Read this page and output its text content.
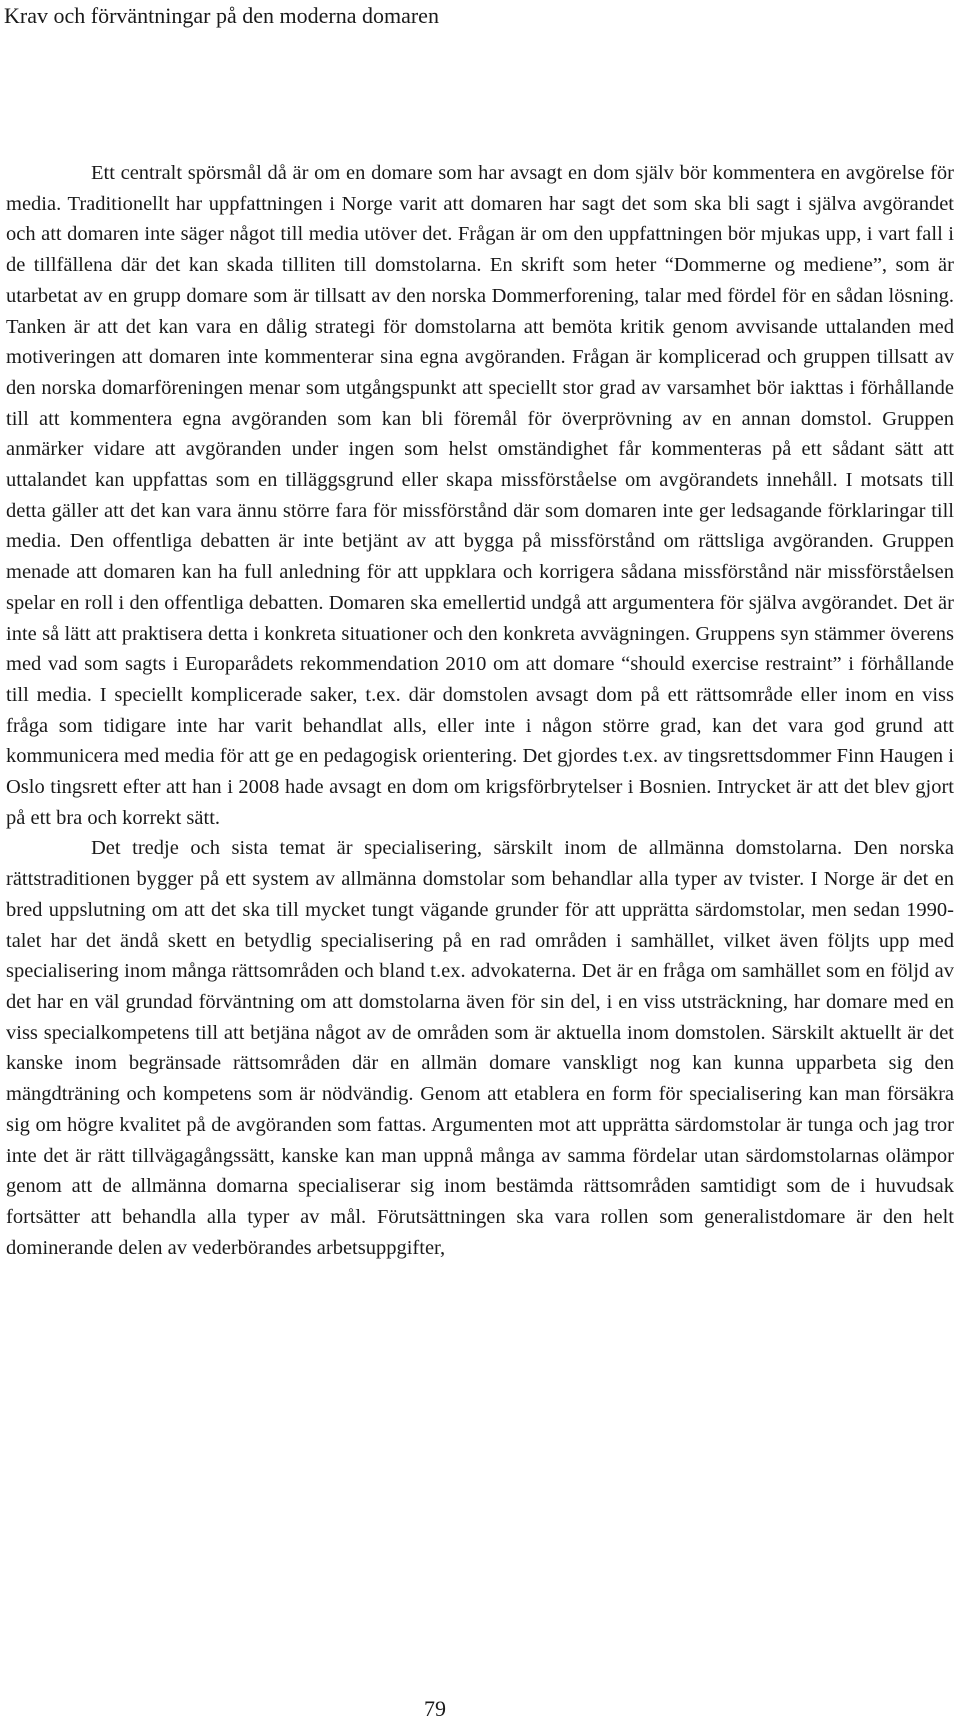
Krav och förväntningar på den moderna domaren

Ett centralt spörsmål då är om en domare som har avsagt en dom själv bör kommentera en avgörelse för media. Traditionellt har uppfattningen i Norge varit att domaren har sagt det som ska bli sagt i själva avgörandet och att domaren inte säger något till media utöver det. Frågan är om den uppfattningen bör mjukas upp, i vart fall i de tillfällena där det kan skada tilliten till domstolarna. En skrift som heter “Dommerne og mediene”, som är utarbetat av en grupp domare som är tillsatt av den norska Dommerforening, talar med fördel för en sådan lösning. Tanken är att det kan vara en dålig strategi för domstolarna att bemöta kritik genom avvisande uttalanden med motiveringen att domaren inte kommenterar sina egna avgöranden. Frågan är komplicerad och gruppen tillsatt av den norska domarföreningen menar som utgångspunkt att speciellt stor grad av varsamhet bör iakttas i förhållande till att kommentera egna avgöranden som kan bli föremål för överprövning av en annan domstol. Gruppen anmärker vidare att avgöranden under ingen som helst omständighet får kommenteras på ett sådant sätt att uttalandet kan uppfattas som en tilläggsgrund eller skapa missförståelse om avgörandets innehåll. I motsats till detta gäller att det kan vara ännu större fara för missförstånd där som domaren inte ger ledsagande förklaringar till media. Den offentliga debatten är inte betjänt av att bygga på missförstånd om rättsliga avgöranden. Gruppen menade att domaren kan ha full anledning för att uppklara och korrigera sådana missförstånd när missförståelsen spelar en roll i den offentliga debatten. Domaren ska emellertid undgå att argumentera för själva avgörandet. Det är inte så lätt att praktisera detta i konkreta situationer och den konkreta avvägningen. Gruppens syn stämmer överens med vad som sagts i Europarådets rekommendation 2010 om att domare “should exercise restraint” i förhållande till media. I speciellt komplicerade saker, t.ex. där domstolen avsagt dom på ett rättsområde eller inom en viss fråga som tidigare inte har varit behandlat alls, eller inte i någon större grad, kan det vara god grund att kommunicera med media för att ge en pedagogisk orientering. Det gjordes t.ex. av tingsrettsdommer Finn Haugen i Oslo tingsrett efter att han i 2008 hade avsagt en dom om krigsförbrytelser i Bosnien. Intrycket är att det blev gjort på ett bra och korrekt sätt.

Det tredje och sista temat är specialisering, särskilt inom de allmänna domstolarna. Den norska rättstraditionen bygger på ett system av allmänna domstolar som behandlar alla typer av tvister. I Norge är det en bred uppslutning om att det ska till mycket tungt vägande grunder för att upprätta särdomstolar, men sedan 1990-talet har det ändå skett en betydlig specialisering på en rad områden i samhället, vilket även följts upp med specialisering inom många rättsområden och bland t.ex. advokaterna. Det är en fråga om samhället som en följd av det har en väl grundad förväntning om att domstolarna även för sin del, i en viss utsträckning, har domare med en viss specialkompetens till att betjäna något av de områden som är aktuella inom domstolen. Särskilt aktuellt är det kanske inom begränsade rättsområden där en allmän domare vanskligt nog kan kunna upparbeta sig den mängdträning och kompetens som är nödvändig. Genom att etablera en form för specialisering kan man försäkra sig om högre kvalitet på de avgöranden som fattas. Argumenten mot att upprätta särdomstolar är tunga och jag tror inte det är rätt tillvägagångssätt, kanske kan man uppnå många av samma fördelar utan särdomstolarnas olämpor genom att de allmänna domarna specialiserar sig inom bestämda rättsområden samtidigt som de i huvudsak fortsätter att behandla alla typer av mål. Förutsättningen ska vara rollen som generalistdomare är den helt dominerande delen av vederbörandes arbetsuppgifter,

79
